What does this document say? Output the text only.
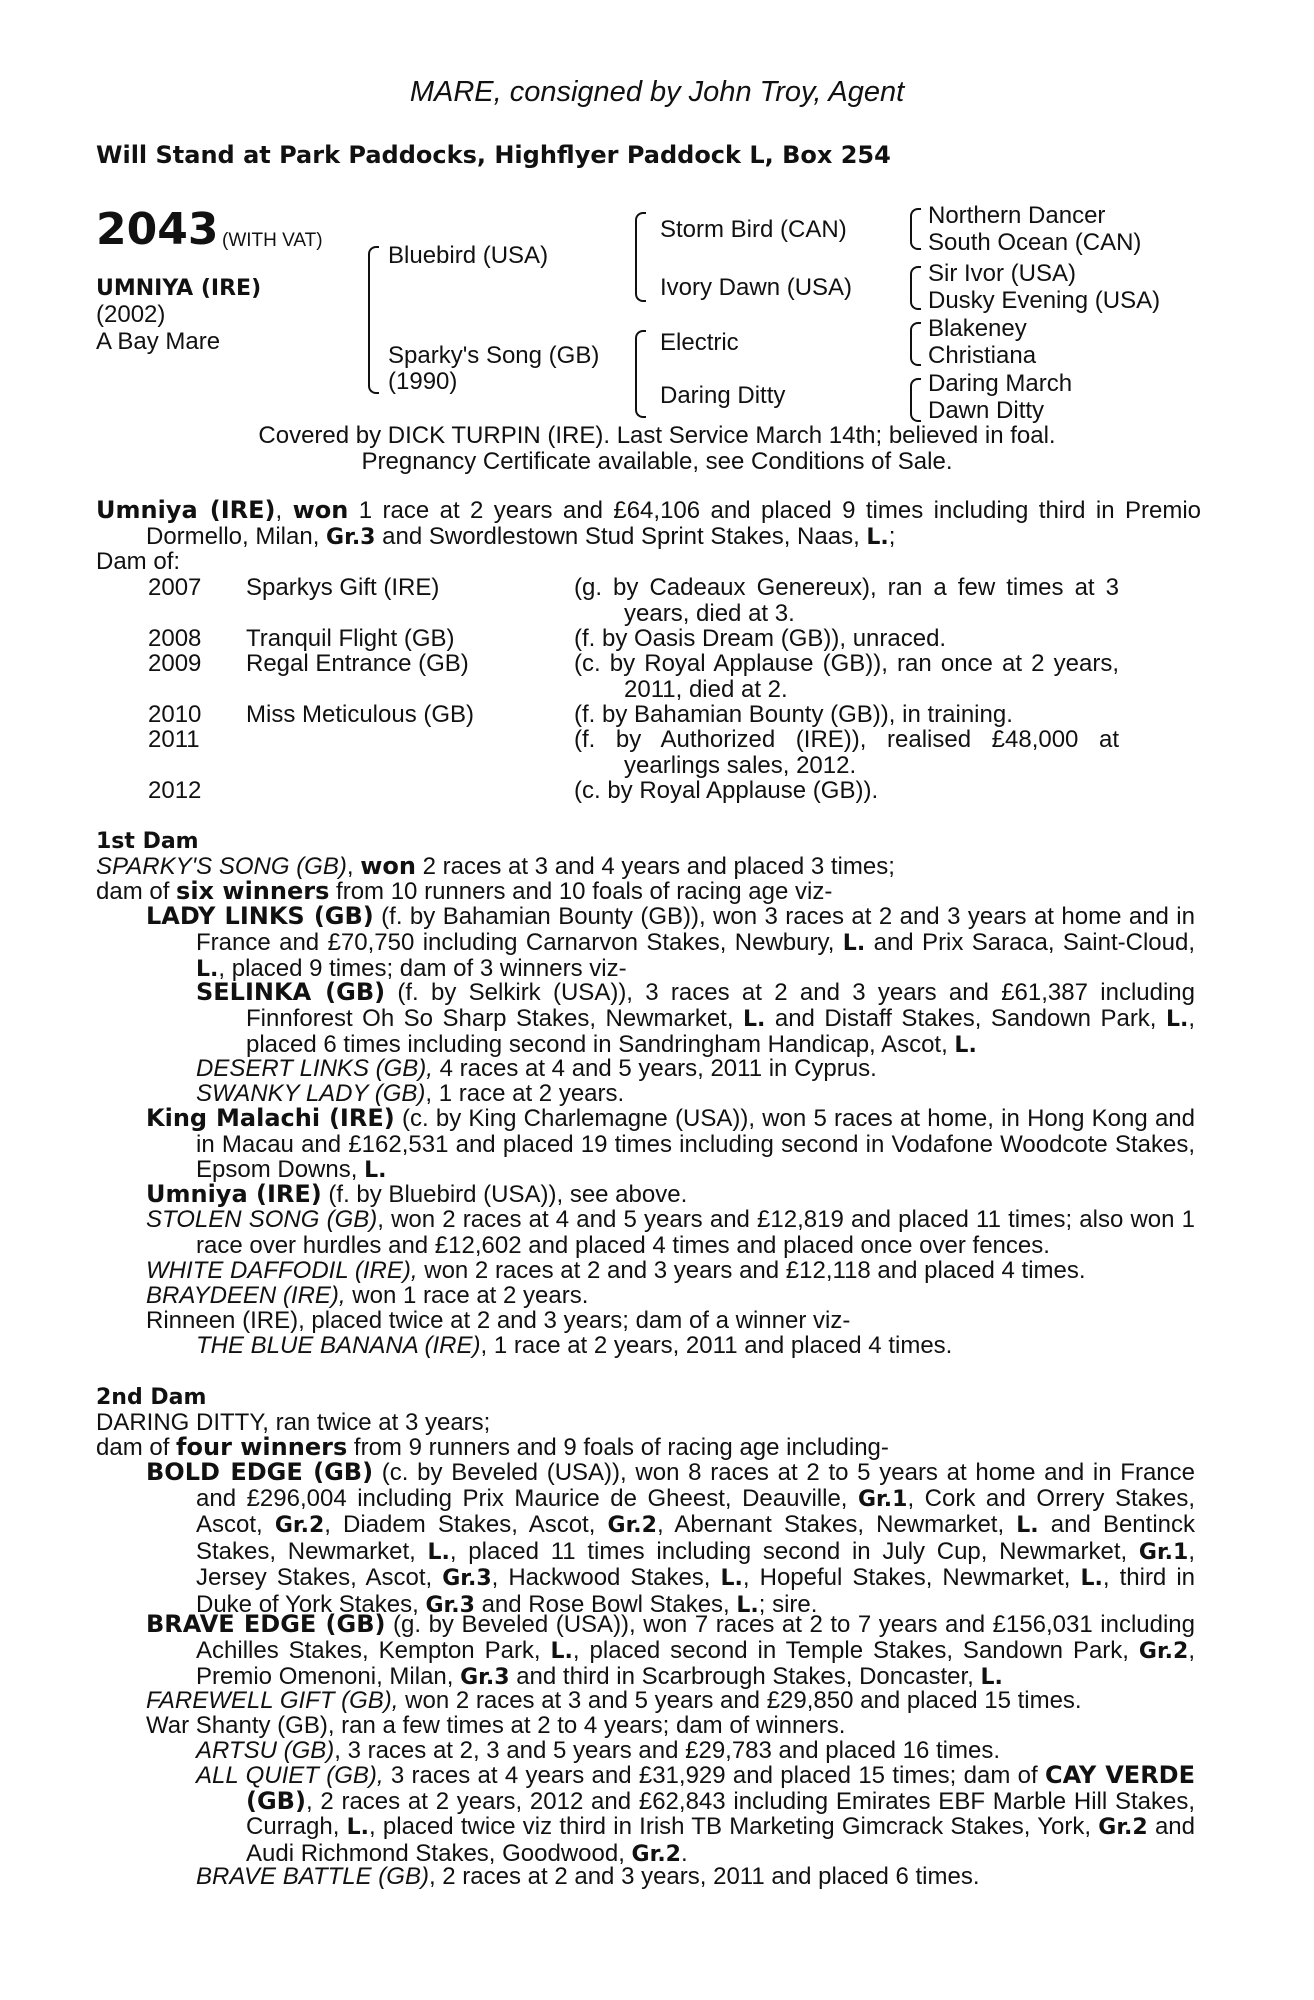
MARE, consigned by John Troy, Agent
Will Stand at Park Paddocks, Highflyer Paddock L, Box 254
2043 (WITH VAT)
UMNIYA (IRE)
(2002)
A Bay Mare
Bluebird (USA)
Sparky's Song (GB)
(1990)
Storm Bird (CAN)
Ivory Dawn (USA)
Electric
Daring Ditty
Northern Dancer
South Ocean (CAN)
Sir Ivor (USA)
Dusky Evening (USA)
Blakeney
Christiana
Daring March
Dawn Ditty
Covered by DICK TURPIN (IRE). Last Service March 14th; believed in foal.
Pregnancy Certificate available, see Conditions of Sale.
Umniya (IRE), won 1 race at 2 years and £64,106 and placed 9 times including third in Premio Dormello, Milan, Gr.3 and Swordlestown Stud Sprint Stakes, Naas, L.;
Dam of:
2007 Sparkys Gift (IRE)	(g. by Cadeaux Genereux), ran a few times at 3 years, died at 3.
2008 Tranquil Flight (GB)	(f. by Oasis Dream (GB)), unraced.
2009 Regal Entrance (GB)	(c. by Royal Applause (GB)), ran once at 2 years, 2011, died at 2.
2010 Miss Meticulous (GB)	(f. by Bahamian Bounty (GB)), in training.
2011	(f. by Authorized (IRE)), realised £48,000 at yearlings sales, 2012.
2012	(c. by Royal Applause (GB)).
1st Dam
SPARKY'S SONG (GB), won 2 races at 3 and 4 years and placed 3 times;
dam of six winners from 10 runners and 10 foals of racing age viz-
LADY LINKS (GB) (f. by Bahamian Bounty (GB)), won 3 races at 2 and 3 years at home and in France and £70,750 including Carnarvon Stakes, Newbury, L. and Prix Saraca, Saint-Cloud, L., placed 9 times; dam of 3 winners viz-
SELINKA (GB) (f. by Selkirk (USA)), 3 races at 2 and 3 years and £61,387 including Finnforest Oh So Sharp Stakes, Newmarket, L. and Distaff Stakes, Sandown Park, L., placed 6 times including second in Sandringham Handicap, Ascot, L.
DESERT LINKS (GB), 4 races at 4 and 5 years, 2011 in Cyprus.
SWANKY LADY (GB), 1 race at 2 years.
King Malachi (IRE) (c. by King Charlemagne (USA)), won 5 races at home, in Hong Kong and in Macau and £162,531 and placed 19 times including second in Vodafone Woodcote Stakes, Epsom Downs, L.
Umniya (IRE) (f. by Bluebird (USA)), see above.
STOLEN SONG (GB), won 2 races at 4 and 5 years and £12,819 and placed 11 times; also won 1 race over hurdles and £12,602 and placed 4 times and placed once over fences.
WHITE DAFFODIL (IRE), won 2 races at 2 and 3 years and £12,118 and placed 4 times.
BRAYDEEN (IRE), won 1 race at 2 years.
Rinneen (IRE), placed twice at 2 and 3 years; dam of a winner viz-
THE BLUE BANANA (IRE), 1 race at 2 years, 2011 and placed 4 times.
2nd Dam
DARING DITTY, ran twice at 3 years;
dam of four winners from 9 runners and 9 foals of racing age including-
BOLD EDGE (GB) (c. by Beveled (USA)), won 8 races at 2 to 5 years at home and in France and £296,004 including Prix Maurice de Gheest, Deauville, Gr.1, Cork and Orrery Stakes, Ascot, Gr.2, Diadem Stakes, Ascot, Gr.2, Abernant Stakes, Newmarket, L. and Bentinck Stakes, Newmarket, L., placed 11 times including second in July Cup, Newmarket, Gr.1, Jersey Stakes, Ascot, Gr.3, Hackwood Stakes, L., Hopeful Stakes, Newmarket, L., third in Duke of York Stakes, Gr.3 and Rose Bowl Stakes, L.; sire.
BRAVE EDGE (GB) (g. by Beveled (USA)), won 7 races at 2 to 7 years and £156,031 including Achilles Stakes, Kempton Park, L., placed second in Temple Stakes, Sandown Park, Gr.2, Premio Omenoni, Milan, Gr.3 and third in Scarbrough Stakes, Doncaster, L.
FAREWELL GIFT (GB), won 2 races at 3 and 5 years and £29,850 and placed 15 times.
War Shanty (GB), ran a few times at 2 to 4 years; dam of winners.
ARTSU (GB), 3 races at 2, 3 and 5 years and £29,783 and placed 16 times.
ALL QUIET (GB), 3 races at 4 years and £31,929 and placed 15 times; dam of CAY VERDE (GB), 2 races at 2 years, 2012 and £62,843 including Emirates EBF Marble Hill Stakes, Curragh, L., placed twice viz third in Irish TB Marketing Gimcrack Stakes, York, Gr.2 and Audi Richmond Stakes, Goodwood, Gr.2.
BRAVE BATTLE (GB), 2 races at 2 and 3 years, 2011 and placed 6 times.
